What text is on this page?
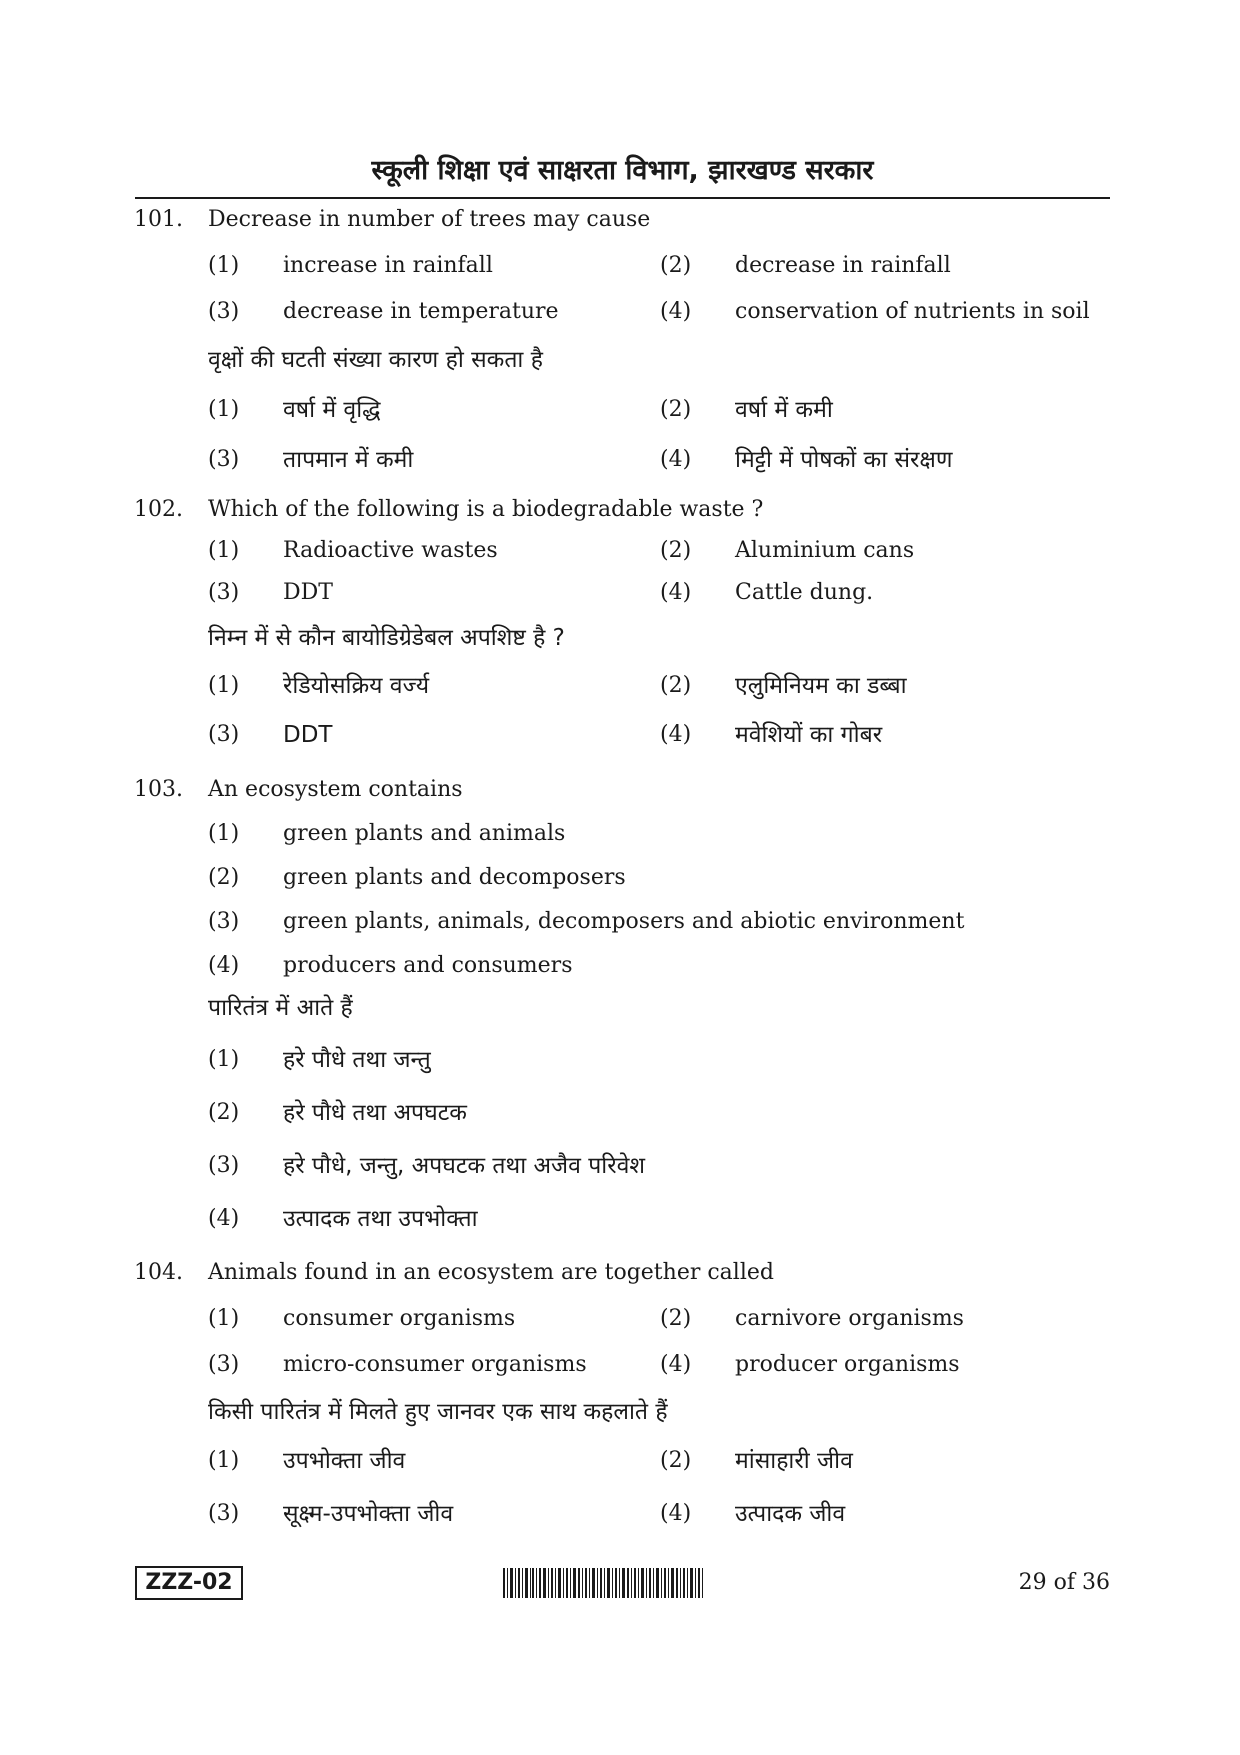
स्कूली शिक्षा एवं साक्षरता विभाग, झारखण्ड सरकार
101. Decrease in number of trees may cause
(1) increase in rainfall	(2) decrease in rainfall
(3) decrease in temperature	(4) conservation of nutrients in soil
वृक्षों की घटती संख्या कारण हो सकता है
(1) वर्षा में वृद्धि	(2) वर्षा में कमी
(3) तापमान में कमी	(4) मिट्टी में पोषकों का संरक्षण
102. Which of the following is a biodegradable waste ?
(1) Radioactive wastes	(2) Aluminium cans
(3) DDT	(4) Cattle dung.
निम्न में से कौन बायोडिग्रेडेबल अपशिष्ट है ?
(1) रेडियोसक्रिय वर्ज्य	(2) एलुमिनियम का डब्बा
(3) DDT	(4) मवेशियों का गोबर
103. An ecosystem contains
(1) green plants and animals
(2) green plants and decomposers
(3) green plants, animals, decomposers and abiotic environment
(4) producers and consumers
पारितंत्र में आते हैं
(1) हरे पौधे तथा जन्तु
(2) हरे पौधे तथा अपघटक
(3) हरे पौधे, जन्तु, अपघटक तथा अजैव परिवेश
(4) उत्पादक तथा उपभोक्ता
104. Animals found in an ecosystem are together called
(1) consumer organisms	(2) carnivore organisms
(3) micro-consumer organisms	(4) producer organisms
किसी पारितंत्र में मिलते हुए जानवर एक साथ कहलाते हैं
(1) उपभोक्ता जीव	(2) मांसाहारी जीव
(3) सूक्ष्म-उपभोक्ता जीव	(4) उत्पादक जीव
ZZZ-02	29 of 36
